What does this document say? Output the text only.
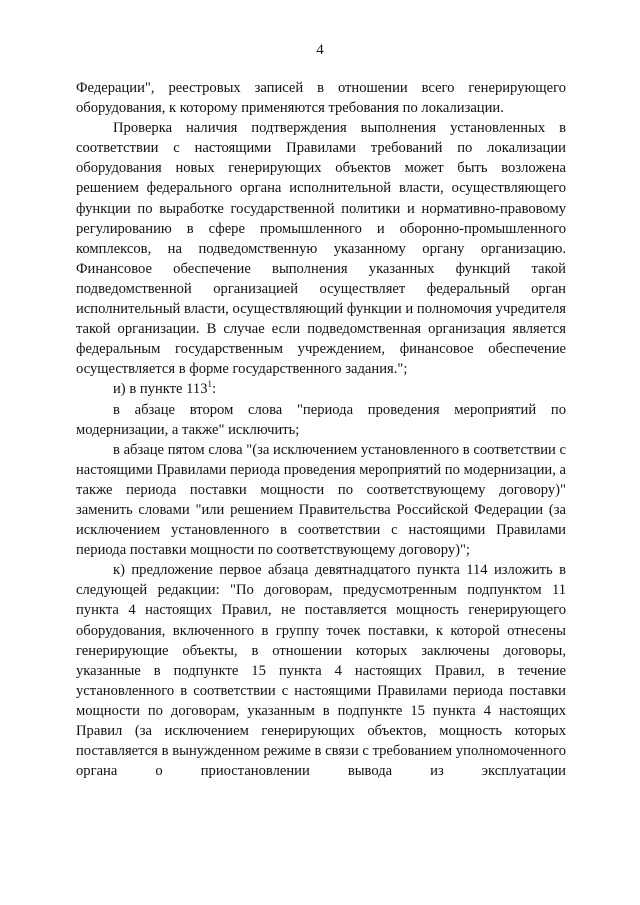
4

Федерации", реестровых записей в отношении всего генерирующего оборудования, к которому применяются требования по локализации.

Проверка наличия подтверждения выполнения установленных в соответствии с настоящими Правилами требований по локализации оборудования новых генерирующих объектов может быть возложена решением федерального органа исполнительной власти, осуществляющего функции по выработке государственной политики и нормативно-правовому регулированию в сфере промышленного и оборонно-промышленного комплексов, на подведомственную указанному органу организацию. Финансовое обеспечение выполнения указанных функций такой подведомственной организацией осуществляет федеральный орган исполнительный власти, осуществляющий функции и полномочия учредителя такой организации. В случае если подведомственная организация является федеральным государственным учреждением, финансовое обеспечение осуществляется в форме государственного задания.";

и) в пункте $113^1$:

в абзаце втором слова "периода проведения мероприятий по модернизации, а также" исключить;

в абзаце пятом слова "(за исключением установленного в соответствии с настоящими Правилами периода проведения мероприятий по модернизации, а также периода поставки мощности по соответствующему договору)" заменить словами "или решением Правительства Российской Федерации (за исключением установленного в соответствии с настоящими Правилами периода поставки мощности по соответствующему договору)";

к) предложение первое абзаца девятнадцатого пункта 114 изложить в следующей редакции: "По договорам, предусмотренным подпунктом 11 пункта 4 настоящих Правил, не поставляется мощность генерирующего оборудования, включенного в группу точек поставки, к которой отнесены генерирующие объекты, в отношении которых заключены договоры, указанные в подпункте 15 пункта 4 настоящих Правил, в течение установленного в соответствии с настоящими Правилами периода поставки мощности по договорам, указанным в подпункте 15 пункта 4 настоящих Правил (за исключением генерирующих объектов, мощность которых поставляется в вынужденном режиме в связи с требованием уполномоченного органа о приостановлении вывода из эксплуатации
